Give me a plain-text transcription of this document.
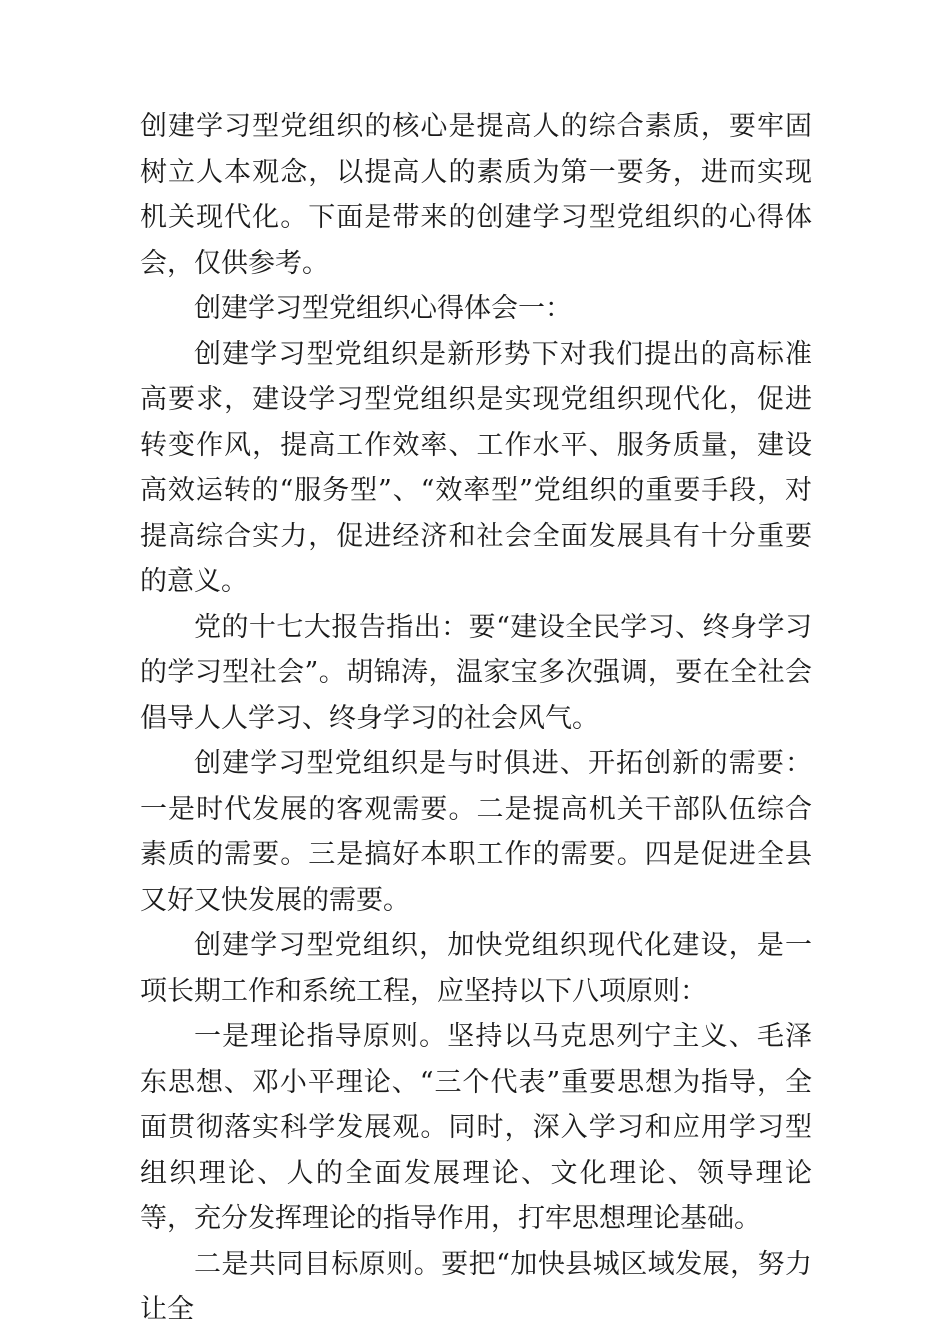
创建学习型党组织的核心是提高人的综合素质，要牢固树立人本观念，以提高人的素质为第一要务，进而实现机关现代化。下面是带来的创建学习型党组织的心得体会，仅供参考。

创建学习型党组织心得体会一：

创建学习型党组织是新形势下对我们提出的高标准高要求，建设学习型党组织是实现党组织现代化，促进转变作风，提高工作效率、工作水平、服务质量，建设高效运转的“服务型”、“效率型”党组织的重要手段，对提高综合实力，促进经济和社会全面发展具有十分重要的意义。

党的十七大报告指出：要“建设全民学习、终身学习的学习型社会”。胡锦涛，温家宝多次强调，要在全社会倡导人人学习、终身学习的社会风气。

创建学习型党组织是与时俱进、开拓创新的需要：一是时代发展的客观需要。二是提高机关干部队伍综合素质的需要。三是搞好本职工作的需要。四是促进全县又好又快发展的需要。

创建学习型党组织，加快党组织现代化建设，是一项长期工作和系统工程，应坚持以下八项原则：

一是理论指导原则。坚持以马克思列宁主义、毛泽东思想、邓小平理论、“三个代表”重要思想为指导，全面贯彻落实科学发展观。同时，深入学习和应用学习型组织理论、人的全面发展理论、文化理论、领导理论等，充分发挥理论的指导作用，打牢思想理论基础。

二是共同目标原则。要把“加快县城区域发展，努力让全
